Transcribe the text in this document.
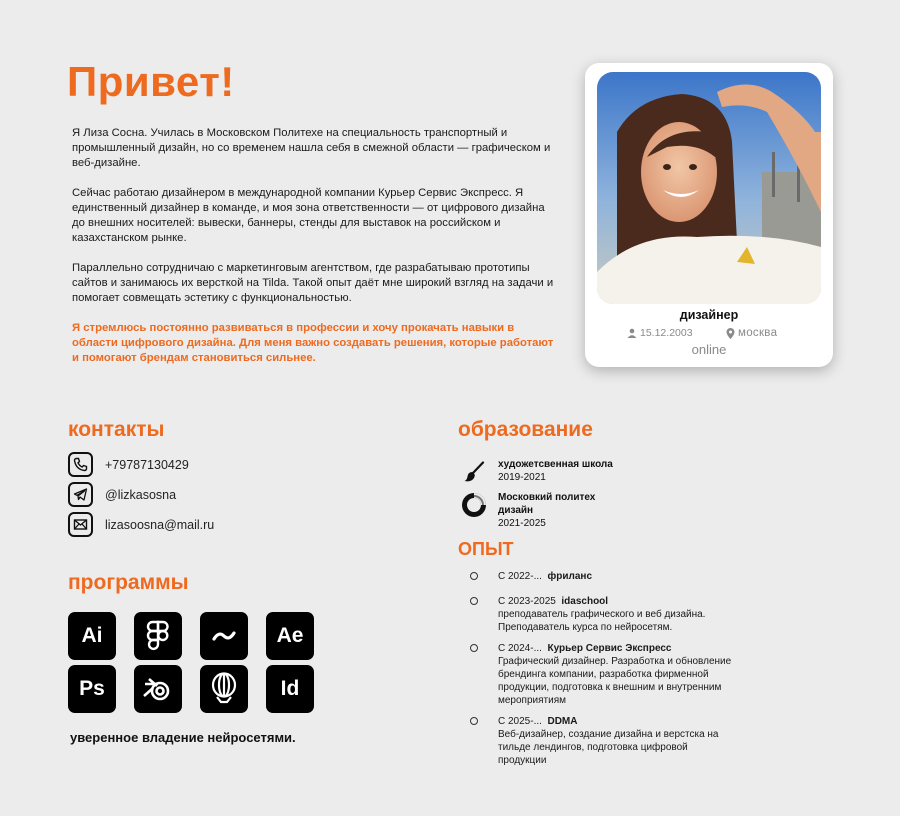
Привет!

Я Лиза Сосна. Училась в Московском Политехе на специальность транспортный и промышленный дизайн, но со временем нашла себя в смежной области — графическом и веб-дизайне.

Сейчас работаю дизайнером в международной компании Курьер Сервис Экспресс. Я единственный дизайнер в команде, и моя зона ответственности — от цифрового дизайна до внешних носителей: вывески, баннеры, стенды для выставок на российском и казахстанском рынке.

Параллельно сотрудничаю с маркетинговым агентством, где разрабатываю прототипы сайтов и занимаюсь их версткой на Tilda. Такой опыт даёт мне широкий взгляд на задачи и помогает совмещать эстетику с функциональностью.

Я стремлюсь постоянно развиваться в профессии и хочу прокачать навыки в области цифрового дизайна. Для меня важно создавать решения, которые работают и помогают брендам становиться сильнее.

дизайнер
15.12.2003	москва
online
контакты
+79787130429
@lizkasosna
lizasoosna@mail.ru
программы
Ai	Ae
Ps	Id
уверенное владение нейросетями.
образование
художетсвенная школа
2019-2021
Московкий политех
дизайн
2021-2025
ОПЫТ
С 2022-... фриланс
С 2023-2025 idaschool
преподаватель графического и веб дизайна. Преподаватель курса по нейросетям.
С 2024-... Курьер Сервис Экспресс
Графический дизайнер. Разработка и обновление брендинга компании, разработка фирменной продукции, подготовка к внешним и внутренним мероприятиям
С 2025-... DDMA
Веб-дизайнер, создание дизайна и верстска на тильде лендингов, подготовка цифровой продукции
